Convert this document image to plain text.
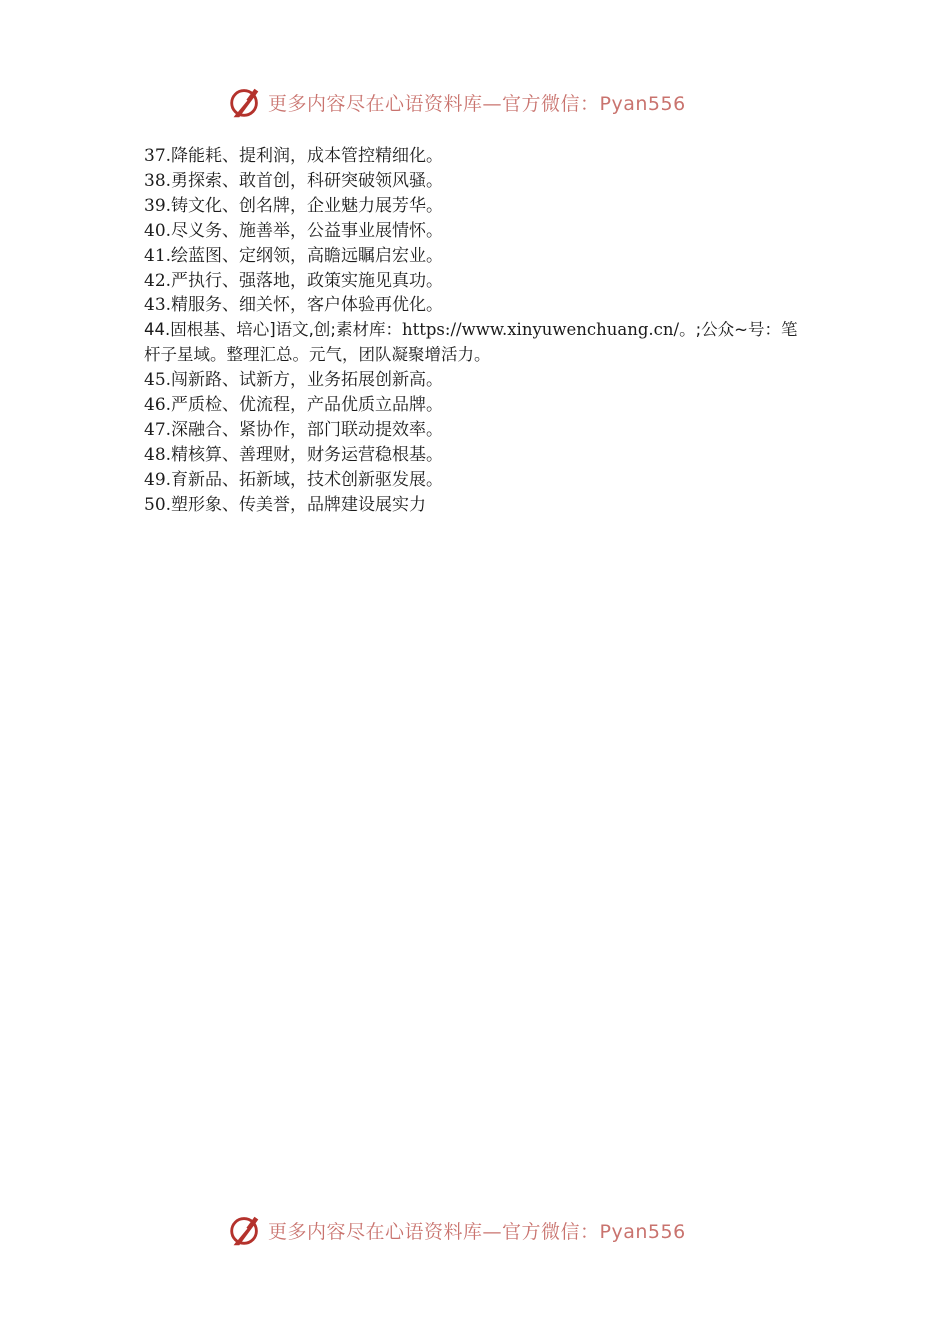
更多内容尽在心语资料库—官方微信：Pyan556
37.降能耗、提利润，成本管控精细化。
38.勇探索、敢首创，科研突破领风骚。
39.铸文化、创名牌，企业魅力展芳华。
40.尽义务、施善举，公益事业展情怀。
41.绘蓝图、定纲领，高瞻远瞩启宏业。
42.严执行、强落地，政策实施见真功。
43.精服务、细关怀，客户体验再优化。
44.固根基、培心]语文,创;素材库：https://www.xinyuwenchuang.cn/。;公众~号：笔
杆子星域。整理汇总。元气，团队凝聚增活力。
45.闯新路、试新方，业务拓展创新高。
46.严质检、优流程，产品优质立品牌。
47.深融合、紧协作，部门联动提效率。
48.精核算、善理财，财务运营稳根基。
49.育新品、拓新域，技术创新驱发展。
50.塑形象、传美誉，品牌建设展实力
更多内容尽在心语资料库—官方微信：Pyan556
